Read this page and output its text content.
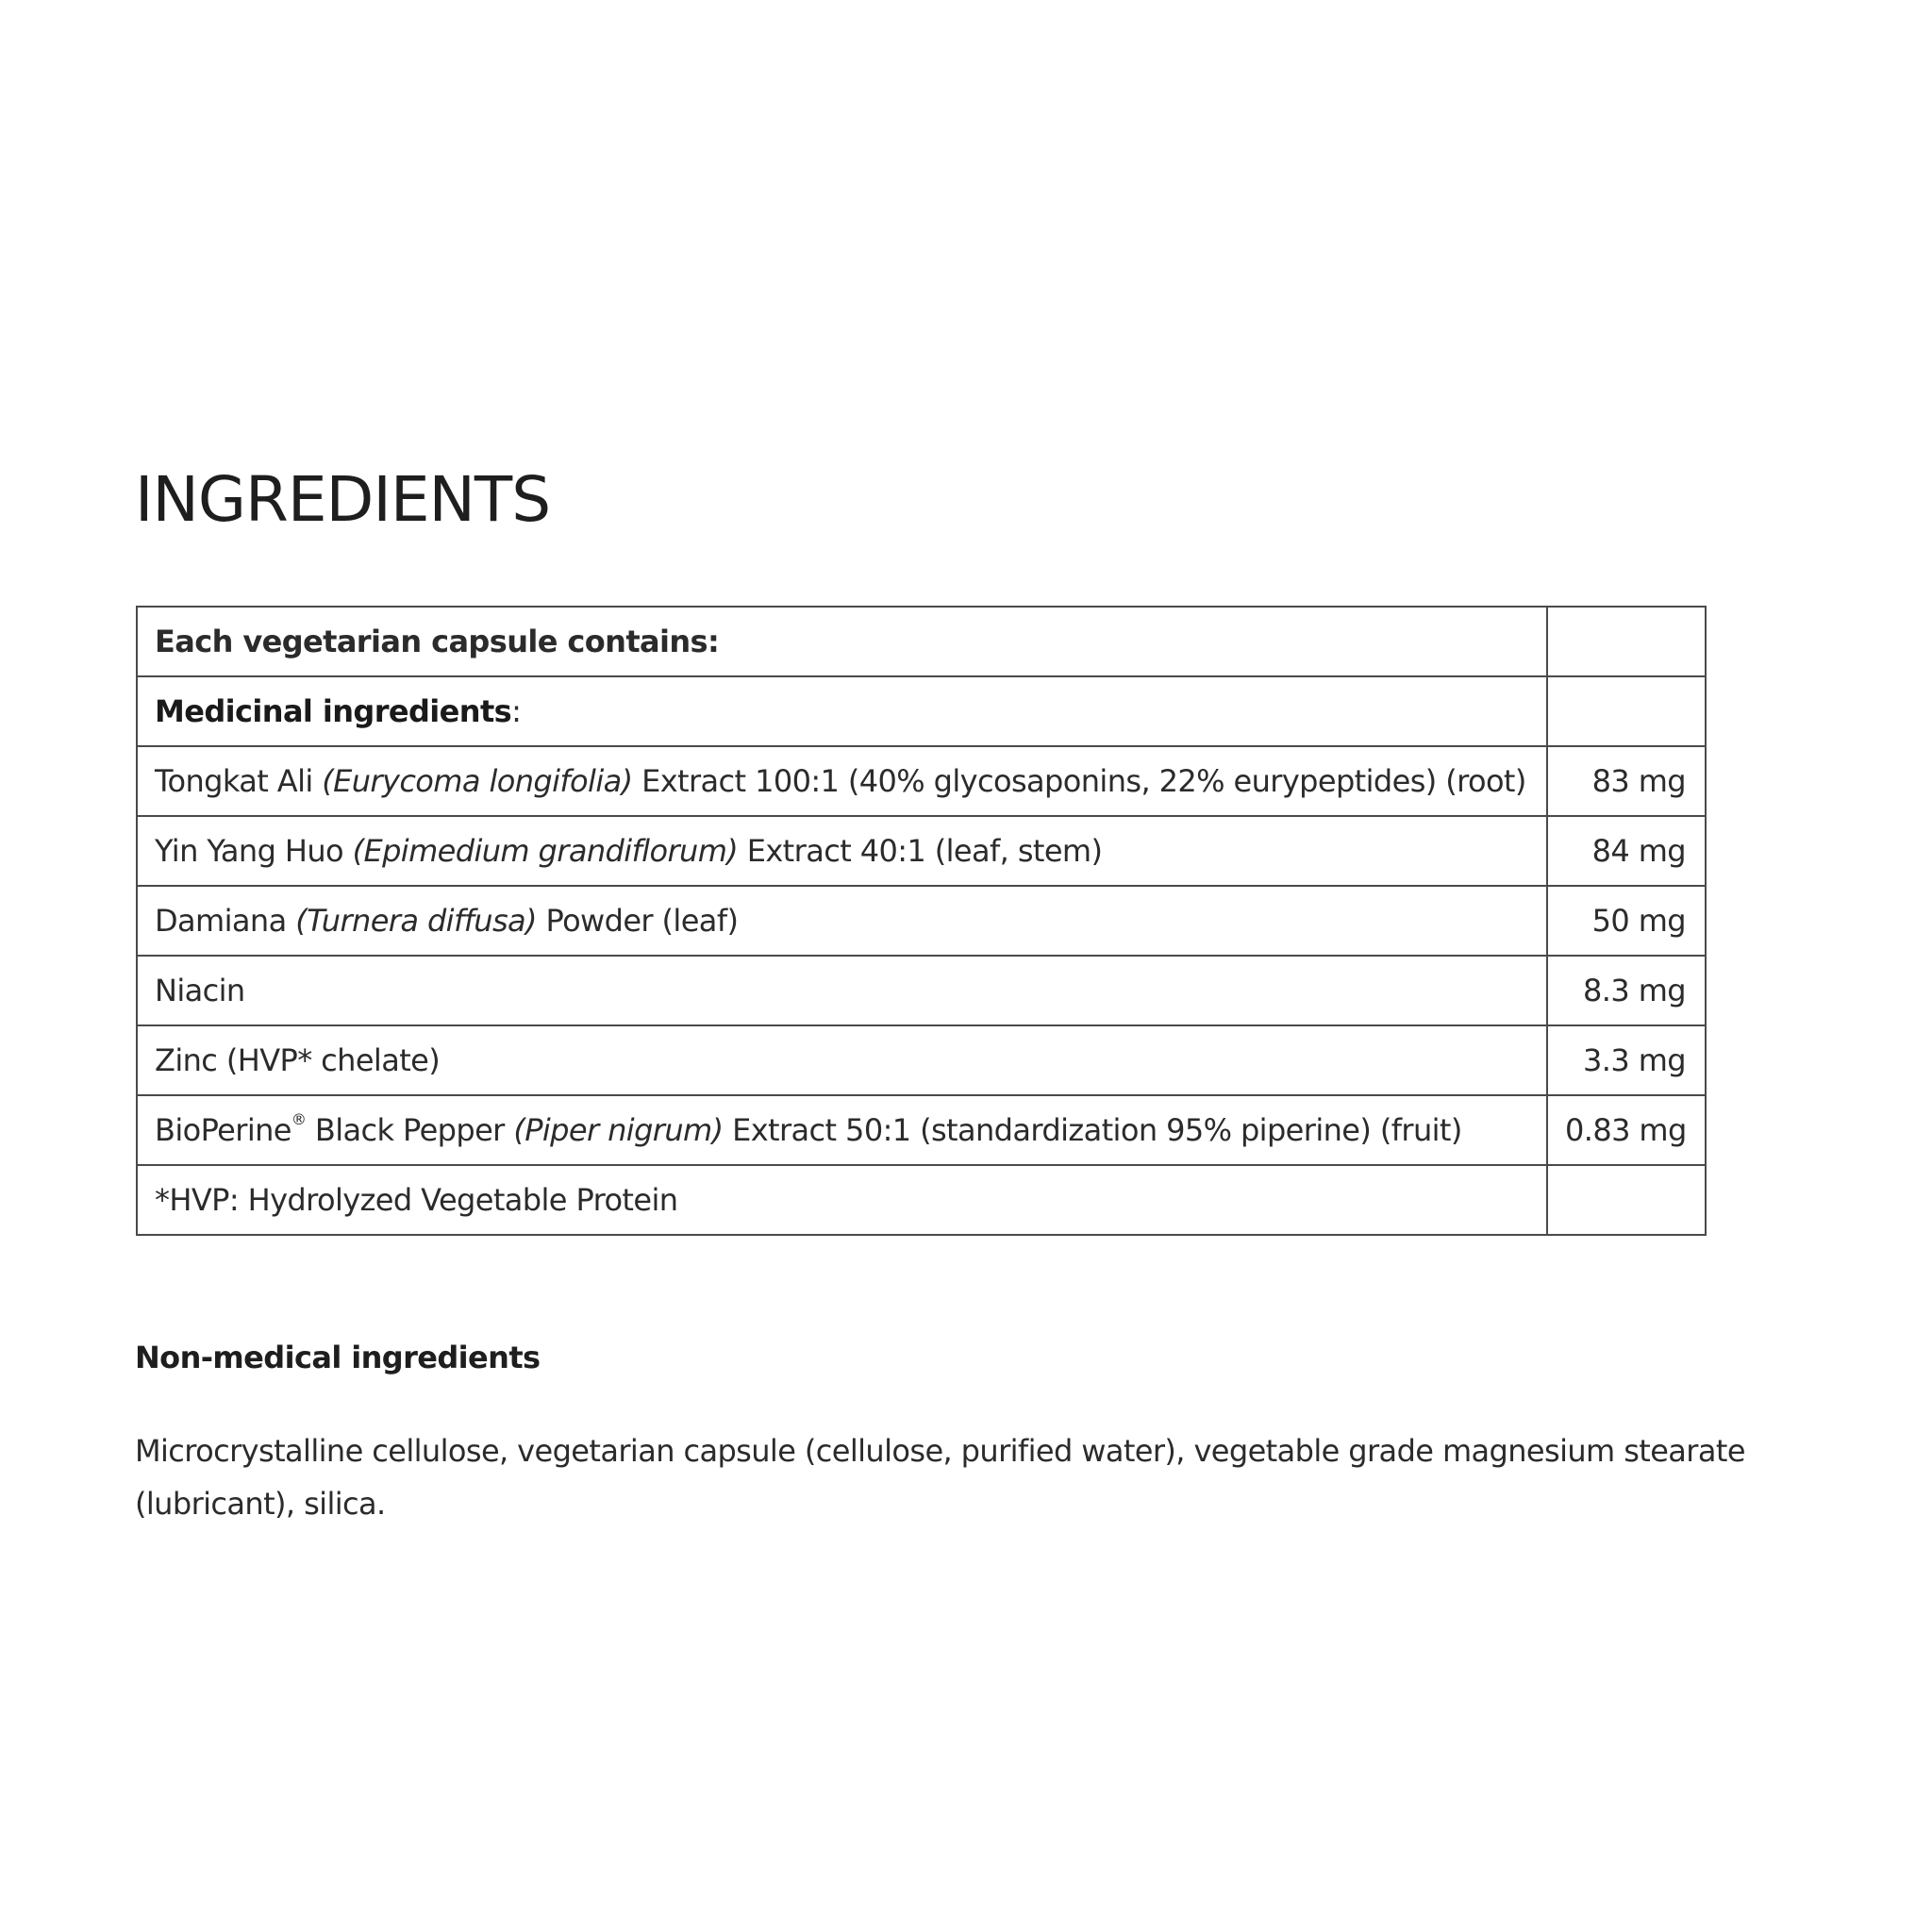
INGREDIENTS
Each vegetarian capsule contains:	
Medicinal ingredients:	
Tongkat Ali (Eurycoma longifolia) Extract 100:1 (40% glycosaponins, 22% eurypeptides) (root)	83 mg
Yin Yang Huo (Epimedium grandiflorum) Extract 40:1 (leaf, stem)	84 mg
Damiana (Turnera diffusa) Powder (leaf)	50 mg
Niacin	8.3 mg
Zinc (HVP* chelate)	3.3 mg
BioPerine® Black Pepper (Piper nigrum) Extract 50:1 (standardization 95% piperine) (fruit)	0.83 mg
*HVP: Hydrolyzed Vegetable Protein	
Non-medical ingredients

Microcrystalline cellulose, vegetarian capsule (cellulose, purified water), vegetable grade magnesium stearate (lubricant), silica.
